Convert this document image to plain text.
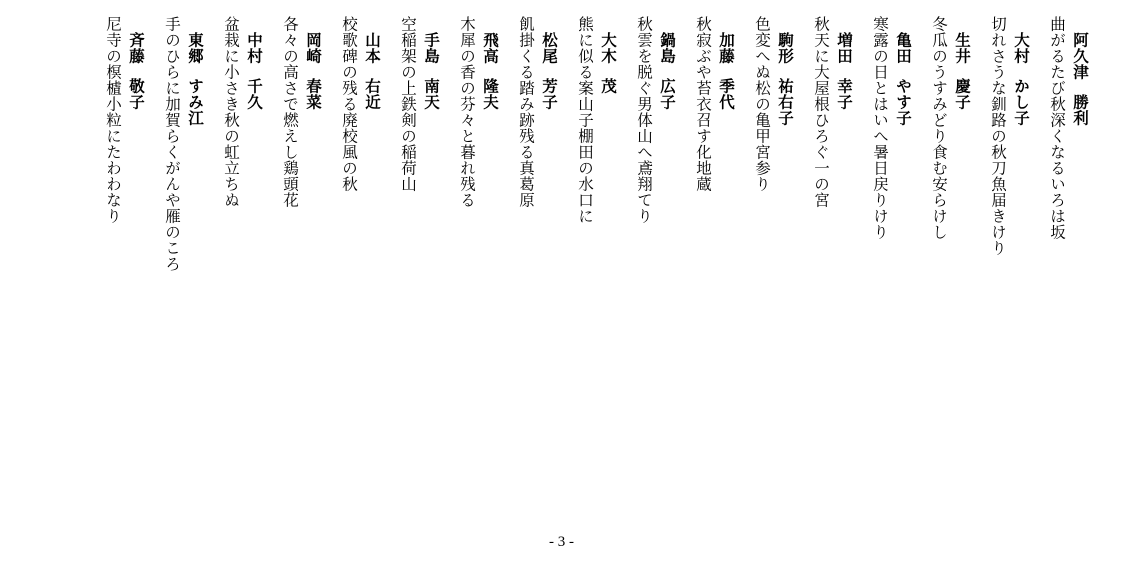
阿久津勝利
曲がるたび秋深くなるいろは坂
大村かし子
切れさうな釧路の秋刀魚届きけり
生井慶子
冬瓜のうすみどり食む安らけし
亀田やす子
寒露の日とはいへ暑日戻りけり
増田幸子
秋天に大屋根ひろぐ一の宮
駒形祐右子
色変へぬ松の亀甲宮参り
加藤季代
秋寂ぶや苔衣召す化地蔵
鍋島広子
秋雲を脱ぐ男体山へ鳶翔てり
大木茂
熊に似る案山子棚田の水口に
松尾芳子
飢掛くる踏み跡残る真葛原
飛高隆夫
木犀の香の芬々と暮れ残る
手島南天
空稲架の上鉄剣の稲荷山
山本右近
校歌碑の残る廃校風の秋
岡崎春菜
各々の高さで燃えし鶏頭花
中村千久
盆栽に小さき秋の虹立ちぬ
東郷すみ江
手のひらに加賀らくがんや雁のころ
斉藤敬子
尼寺の榠樝小粒にたわわなり
- 3 -
